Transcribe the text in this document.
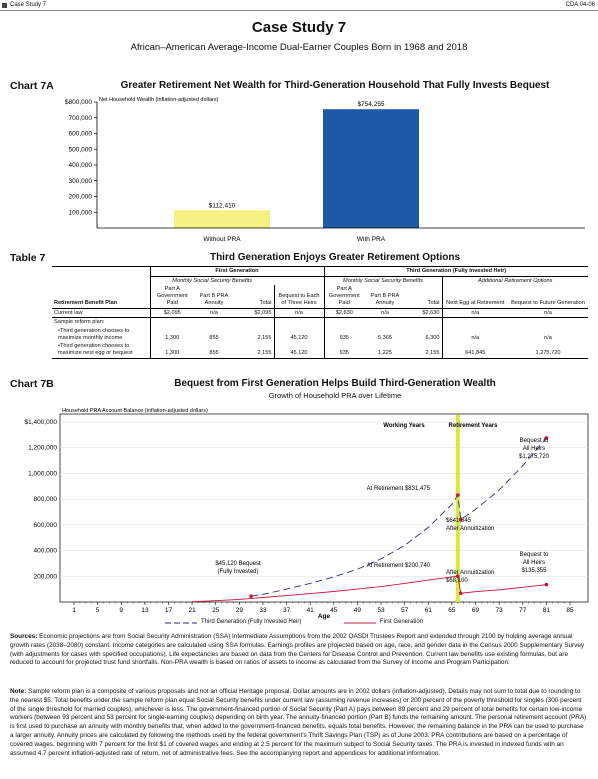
Case Study 7	CDA 04-06
Case Study 7
African–American Average-Income Dual-Earner Couples Born in 1968 and 2018
Chart 7A	Greater Retirement Net Wealth for Third-Generation Household That Fully Invests Bequest
Net Household Wealth (inflation-adjusted dollars)
$800,000
700,000
600,000
500,000
400,000
300,000
200,000
100,000
$112,410
$754,255
Without PRA	With PRA
Table 7	Third Generation Enjoys Greater Retirement Options
	First Generation				Third Generation (Fully Invested Heir)				
	Monthly Social Security Benefits				Monthly Social Security Benefits			Additional Retirement Options	
Retirement Benefit Plan	Part A Government Paid	Part B PRA Annuity	Total	Bequest to Each of Three Heirs	Part A Government Paid	Part B PRA Annuity	Total	Nest Egg at Retirement	Bequest to Future Generation
Current law	$2,095	n/a	$2,095	n/a	$2,630	n/a	$2,630	n/a	n/a
Sample reform plan:									
•Third generation chooses to maximize monthly income	1,300	855	2,155	45,120	935	5,365	6,300	n/a	n/a
•Third generation chooses to maximize nest egg or bequest	1,300	855	2,155	45,120	935	1,225	2,155	641,845	1,275,720
Chart 7B	Bequest from First Generation Helps Build Third-Generation Wealth
Growth of Household PRA over Lifetime
Household PRA Account Balance (inflation-adjusted dollars)
$1,400,000
1,200,000
1,000,000
800,000
600,000
400,000
200,000
1	5	9	13	17	21	25	29	33	37	41	45	49	53	57	61	65	69	73	77	81	85
Working Years	Retirement Years
$45,120 Bequest
(Fully Invested)
At Retirement $831,475
$641,845
After Annuitization
Bequest to
All Heirs
$1,275,720
At Retirement $200,740
After Annuitization
$68,100
Bequest to
All Heirs
$135,355
Age
Third Generation (Fully Invested Heir)	First Generation
Sources: Economic projections are from Social Security Administration (SSA) Intermediate Assumptions from the 2002 OASDI Trustees Report and extended through 2100 by holding average annual growth rates (2038–2080) constant. Income categories are calculated using SSA formulas. Earnings profiles are projected based on age, race, and gender data in the Census 2000 Supplementary Survey (with adjustments for cases with specified occupations). Life expectancies are based on data from the Centers for Disease Control and Prevention. Current law benefits use existing formulas, but are reduced to account for projected trust fund shortfalls. Non-PRA wealth is based on ratios of assets to income as calculated from the Survey of Income and Program Participation.
Note: Sample reform plan is a composite of various proposals and not an official Heritage proposal. Dollar amounts are in 2002 dollars (inflation-adjusted). Details may not sum to total due to rounding to the nearest $5. Total benefits under the sample reform plan equal Social Security benefits under current law (assuming revenue increases) or 200 percent of the poverty threshold for singles (300 percent of the single threshold for married couples), whichever is less. The government-financed portion of Social Security (Part A) pays between 89 percent and 29 percent of total benefits for certain low-income workers (between 93 percent and 53 percent for single-earning couples) depending on birth year. The annuity-financed portion (Part B) funds the remaining amount. The personal retirement account (PRA) is first used to purchase an annuity with monthly benefits that, when added to the government-financed benefits, equals total benefits. However, the remaining balance in the PRA can be used to purchase a larger annuity. Annuity prices are calculated by following the methods used by the federal government’s Thrift Savings Plan (TSP) as of June 2003. PRA contributions are based on a percentage of covered wages, beginning with 7 percent for the first $1 of covered wages and ending at 2.5 percent for the maximum subject to Social Security taxes. The PRA is invested in indexed funds with an assumed 4.7 percent inflation-adjusted rate of return, net of administrative fees. See the accompanying report and appendices for additional information.
